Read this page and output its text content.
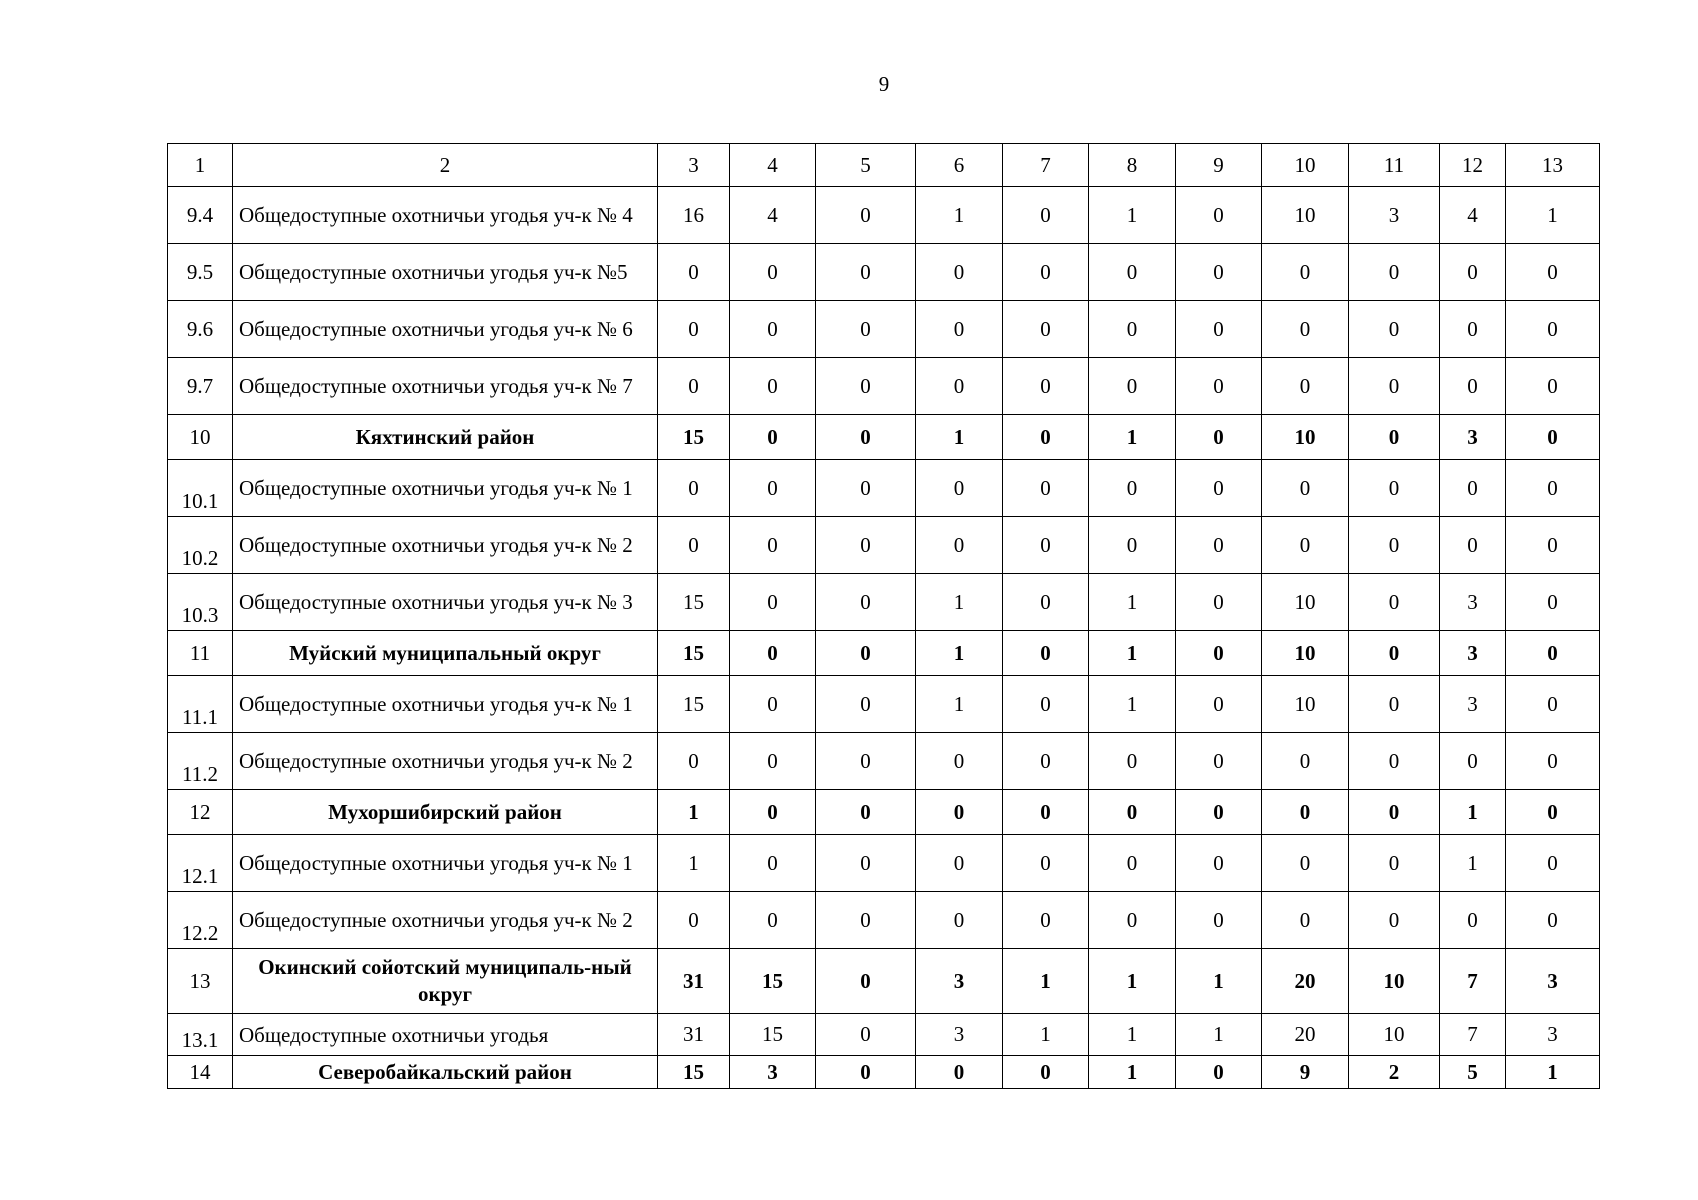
9
1	2	3	4	5	6	7	8	9	10	11	12	13
9.4	Общедоступные охотничьи угодья уч-к № 4	16	4	0	1	0	1	0	10	3	4	1
9.5	Общедоступные охотничьи угодья уч-к №5	0	0	0	0	0	0	0	0	0	0	0
9.6	Общедоступные охотничьи угодья уч-к № 6	0	0	0	0	0	0	0	0	0	0	0
9.7	Общедоступные охотничьи угодья уч-к № 7	0	0	0	0	0	0	0	0	0	0	0
10	Кяхтинский район	15	0	0	1	0	1	0	10	0	3	0
10.1	Общедоступные охотничьи угодья уч-к № 1	0	0	0	0	0	0	0	0	0	0	0
10.2	Общедоступные охотничьи угодья уч-к № 2	0	0	0	0	0	0	0	0	0	0	0
10.3	Общедоступные охотничьи угодья уч-к № 3	15	0	0	1	0	1	0	10	0	3	0
11	Муйский муниципальный округ	15	0	0	1	0	1	0	10	0	3	0
11.1	Общедоступные охотничьи угодья уч-к № 1	15	0	0	1	0	1	0	10	0	3	0
11.2	Общедоступные охотничьи угодья уч-к № 2	0	0	0	0	0	0	0	0	0	0	0
12	Мухоршибирский район	1	0	0	0	0	0	0	0	0	1	0
12.1	Общедоступные охотничьи угодья уч-к № 1	1	0	0	0	0	0	0	0	0	1	0
12.2	Общедоступные охотничьи угодья уч-к № 2	0	0	0	0	0	0	0	0	0	0	0
13	Окинский сойотский муниципаль-ный округ	31	15	0	3	1	1	1	20	10	7	3
13.1	Общедоступные охотничьи угодья	31	15	0	3	1	1	1	20	10	7	3
14	Северобайкальский район	15	3	0	0	0	1	0	9	2	5	1
